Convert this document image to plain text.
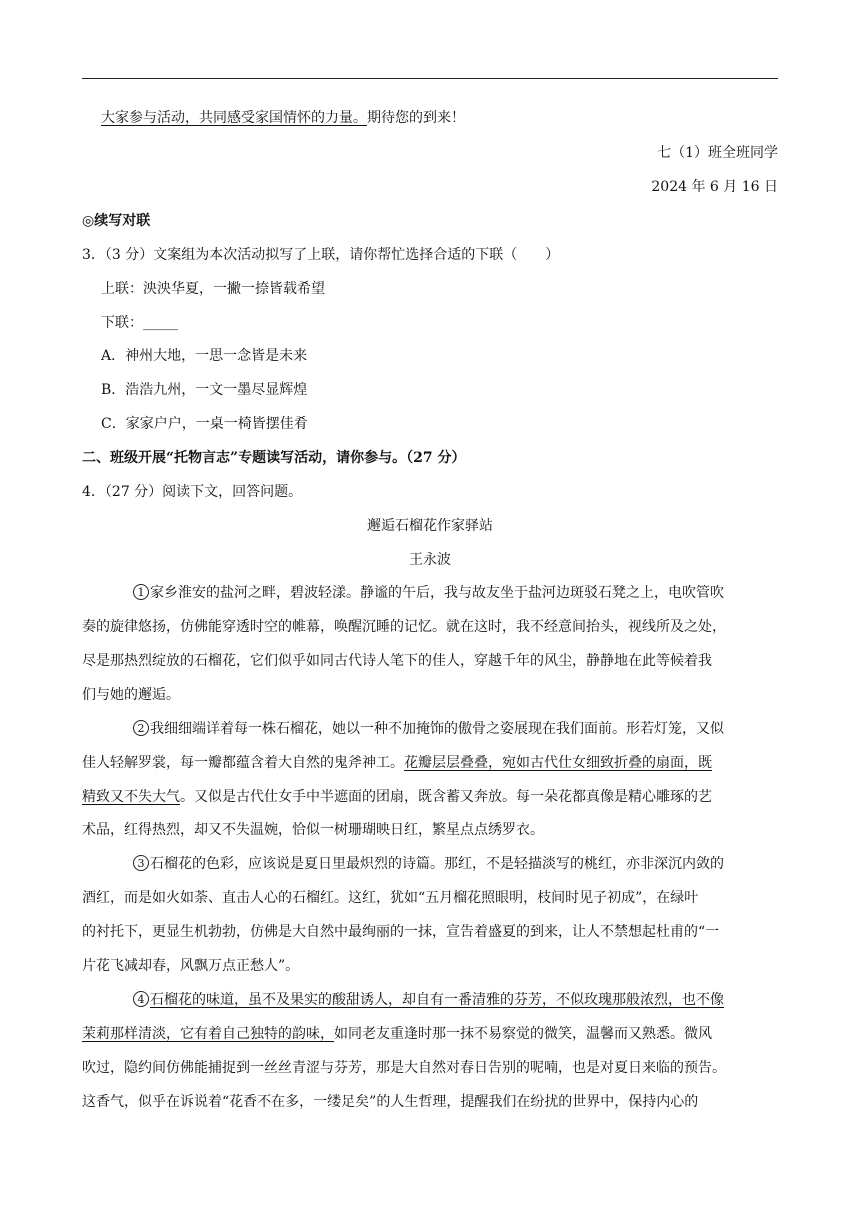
大家参与活动，共同感受家国情怀的力量。期待您的到来！
七（1）班全班同学
2024 年 6 月 16 日
◎续写对联
3．（3 分）文案组为本次活动拟写了上联，请你帮忙选择合适的下联（　　）
上联：泱泱华夏，一撇一捺皆载希望
下联：_____
A．神州大地，一思一念皆是未来
B．浩浩九州，一文一墨尽显辉煌
C．家家户户，一桌一椅皆摆佳肴
二、班级开展“托物言志”专题读写活动，请你参与。（27 分）
4．（27 分）阅读下文，回答问题。
邂逅石榴花作家驿站
王永波
1 家乡淮安的盐河之畔，碧波轻漾。静谧的午后，我与故友坐于盐河边斑驳石凳之上，电吹管吹
奏的旋律悠扬，仿佛能穿透时空的帷幕，唤醒沉睡的记忆。就在这时，我不经意间抬头，视线所及之处，
尽是那热烈绽放的石榴花，它们似乎如同古代诗人笔下的佳人，穿越千年的风尘，静静地在此等候着我
们与她的邂逅。
2 我细细端详着每一株石榴花，她以一种不加掩饰的傲骨之姿展现在我们面前。形若灯笼，又似
佳人轻解罗裳，每一瓣都蕴含着大自然的鬼斧神工。花瓣层层叠叠，宛如古代仕女细致折叠的扇面，既
精致又不失大气。又似是古代仕女手中半遮面的团扇，既含蓄又奔放。每一朵花都真像是精心雕琢的艺
术品，红得热烈，却又不失温婉，恰似一树珊瑚映日红，繁星点点绣罗衣。
3 石榴花的色彩，应该说是夏日里最炽烈的诗篇。那红，不是轻描淡写的桃红，亦非深沉内敛的
酒红，而是如火如荼、直击人心的石榴红。这红，犹如“五月榴花照眼明，枝间时见子初成”，在绿叶
的衬托下，更显生机勃勃，仿佛是大自然中最绚丽的一抹，宣告着盛夏的到来，让人不禁想起杜甫的“一
片花飞减却春，风飘万点正愁人”。
4 石榴花的味道，虽不及果实的酸甜诱人，却自有一番清雅的芬芳，不似玫瑰那般浓烈，也不像
茉莉那样清淡，它有着自己独特的韵味，如同老友重逢时那一抹不易察觉的微笑，温馨而又熟悉。微风
吹过，隐约间仿佛能捕捉到一丝丝青涩与芬芳，那是大自然对春日告别的呢喃，也是对夏日来临的预告。
这香气，似乎在诉说着“花香不在多，一缕足矣”的人生哲理，提醒我们在纷扰的世界中，保持内心的
